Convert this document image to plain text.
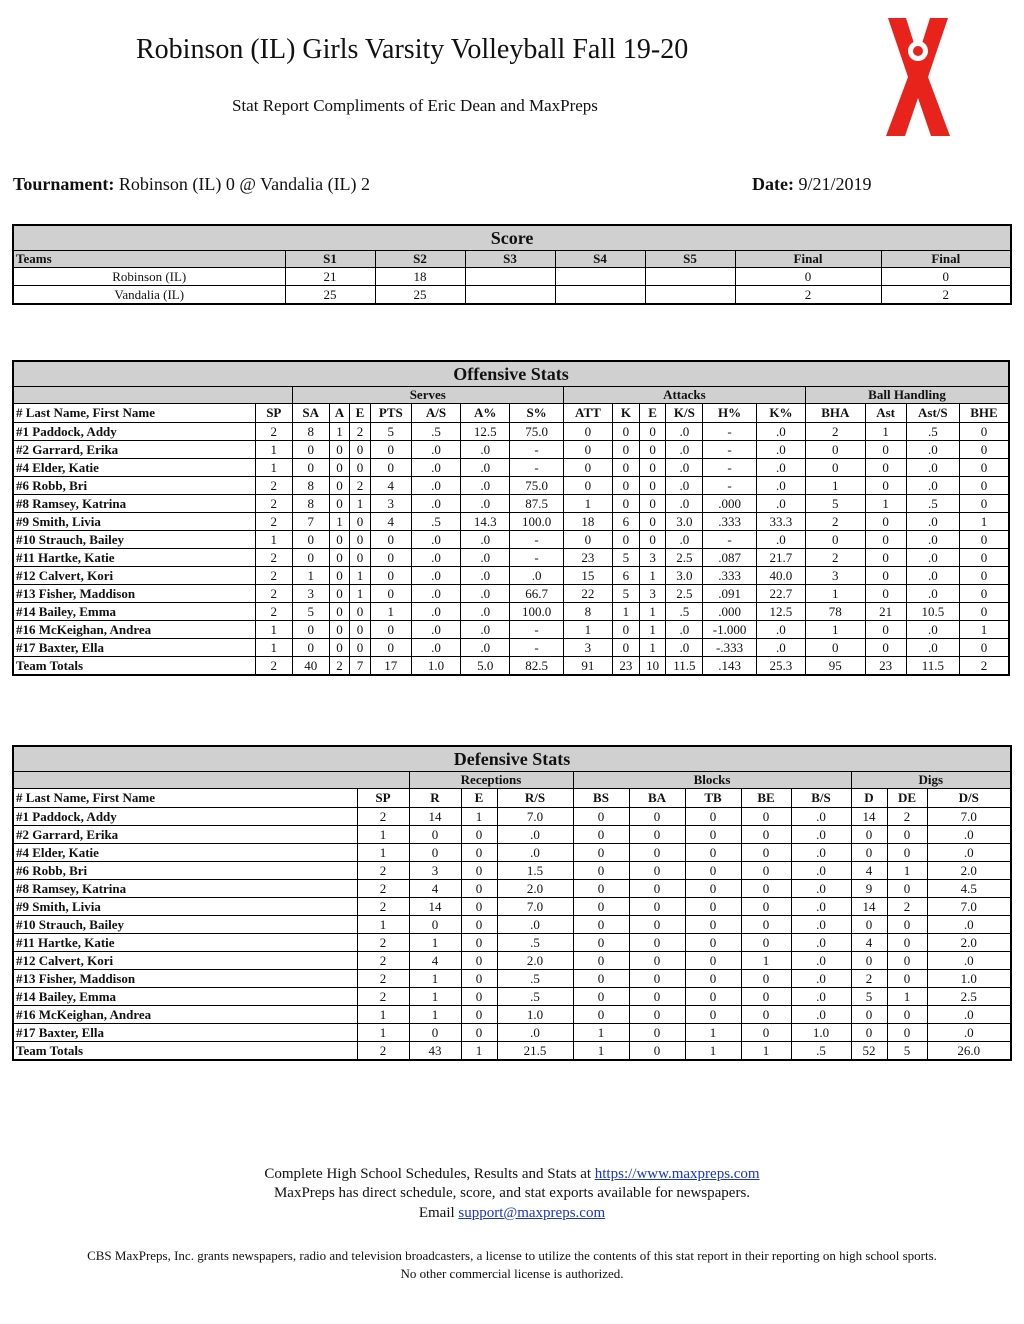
Robinson (IL) Girls Varsity Volleyball Fall 19-20
Stat Report Compliments of Eric Dean and MaxPreps
Tournament: Robinson (IL) 0 @ Vandalia (IL) 2	Date: 9/21/2019
Score							
Teams	S1	S2	S3	S4	S5	Final	Final
Robinson (IL)	21	18				0	0
Vandalia (IL)	25	25				2	2
Offensive Stats																		
		Serves							Attacks						Ball Handling			
# Last Name, First Name	SP	SA	A	E	PTS	A/S	A%	S%	ATT	K	E	K/S	H%	K%	BHA	Ast	Ast/S	BHE
#1 Paddock, Addy	2	8	1	2	5	.5	12.5	75.0	0	0	0	.0	-	.0	2	1	.5	0
#2 Garrard, Erika	1	0	0	0	0	.0	.0	-	0	0	0	.0	-	.0	0	0	.0	0
#4 Elder, Katie	1	0	0	0	0	.0	.0	-	0	0	0	.0	-	.0	0	0	.0	0
#6 Robb, Bri	2	8	0	2	4	.0	.0	75.0	0	0	0	.0	-	.0	1	0	.0	0
#8 Ramsey, Katrina	2	8	0	1	3	.0	.0	87.5	1	0	0	.0	.000	.0	5	1	.5	0
#9 Smith, Livia	2	7	1	0	4	.5	14.3	100.0	18	6	0	3.0	.333	33.3	2	0	.0	1
#10 Strauch, Bailey	1	0	0	0	0	.0	.0	-	0	0	0	.0	-	.0	0	0	.0	0
#11 Hartke, Katie	2	0	0	0	0	.0	.0	-	23	5	3	2.5	.087	21.7	2	0	.0	0
#12 Calvert, Kori	2	1	0	1	0	.0	.0	.0	15	6	1	3.0	.333	40.0	3	0	.0	0
#13 Fisher, Maddison	2	3	0	1	0	.0	.0	66.7	22	5	3	2.5	.091	22.7	1	0	.0	0
#14 Bailey, Emma	2	5	0	0	1	.0	.0	100.0	8	1	1	.5	.000	12.5	78	21	10.5	0
#16 McKeighan, Andrea	1	0	0	0	0	.0	.0	-	1	0	1	.0	-1.000	.0	1	0	.0	1
#17 Baxter, Ella	1	0	0	0	0	.0	.0	-	3	0	1	.0	-.333	.0	0	0	.0	0
Team Totals	2	40	2	7	17	1.0	5.0	82.5	91	23	10	11.5	.143	25.3	95	23	11.5	2
Defensive Stats												
		Receptions			Blocks					Digs		
# Last Name, First Name	SP	R	E	R/S	BS	BA	TB	BE	B/S	D	DE	D/S
#1 Paddock, Addy	2	14	1	7.0	0	0	0	0	.0	14	2	7.0
#2 Garrard, Erika	1	0	0	.0	0	0	0	0	.0	0	0	.0
#4 Elder, Katie	1	0	0	.0	0	0	0	0	.0	0	0	.0
#6 Robb, Bri	2	3	0	1.5	0	0	0	0	.0	4	1	2.0
#8 Ramsey, Katrina	2	4	0	2.0	0	0	0	0	.0	9	0	4.5
#9 Smith, Livia	2	14	0	7.0	0	0	0	0	.0	14	2	7.0
#10 Strauch, Bailey	1	0	0	.0	0	0	0	0	.0	0	0	.0
#11 Hartke, Katie	2	1	0	.5	0	0	0	0	.0	4	0	2.0
#12 Calvert, Kori	2	4	0	2.0	0	0	0	1	.0	0	0	.0
#13 Fisher, Maddison	2	1	0	.5	0	0	0	0	.0	2	0	1.0
#14 Bailey, Emma	2	1	0	.5	0	0	0	0	.0	5	1	2.5
#16 McKeighan, Andrea	1	1	0	1.0	0	0	0	0	.0	0	0	.0
#17 Baxter, Ella	1	0	0	.0	1	0	1	0	1.0	0	0	.0
Team Totals	2	43	1	21.5	1	0	1	1	.5	52	5	26.0
Complete High School Schedules, Results and Stats at https://www.maxpreps.com
MaxPreps has direct schedule, score, and stat exports available for newspapers.
Email support@maxpreps.com
CBS MaxPreps, Inc. grants newspapers, radio and television broadcasters, a license to utilize the contents of this stat report in their reporting on high school sports.
No other commercial license is authorized.
